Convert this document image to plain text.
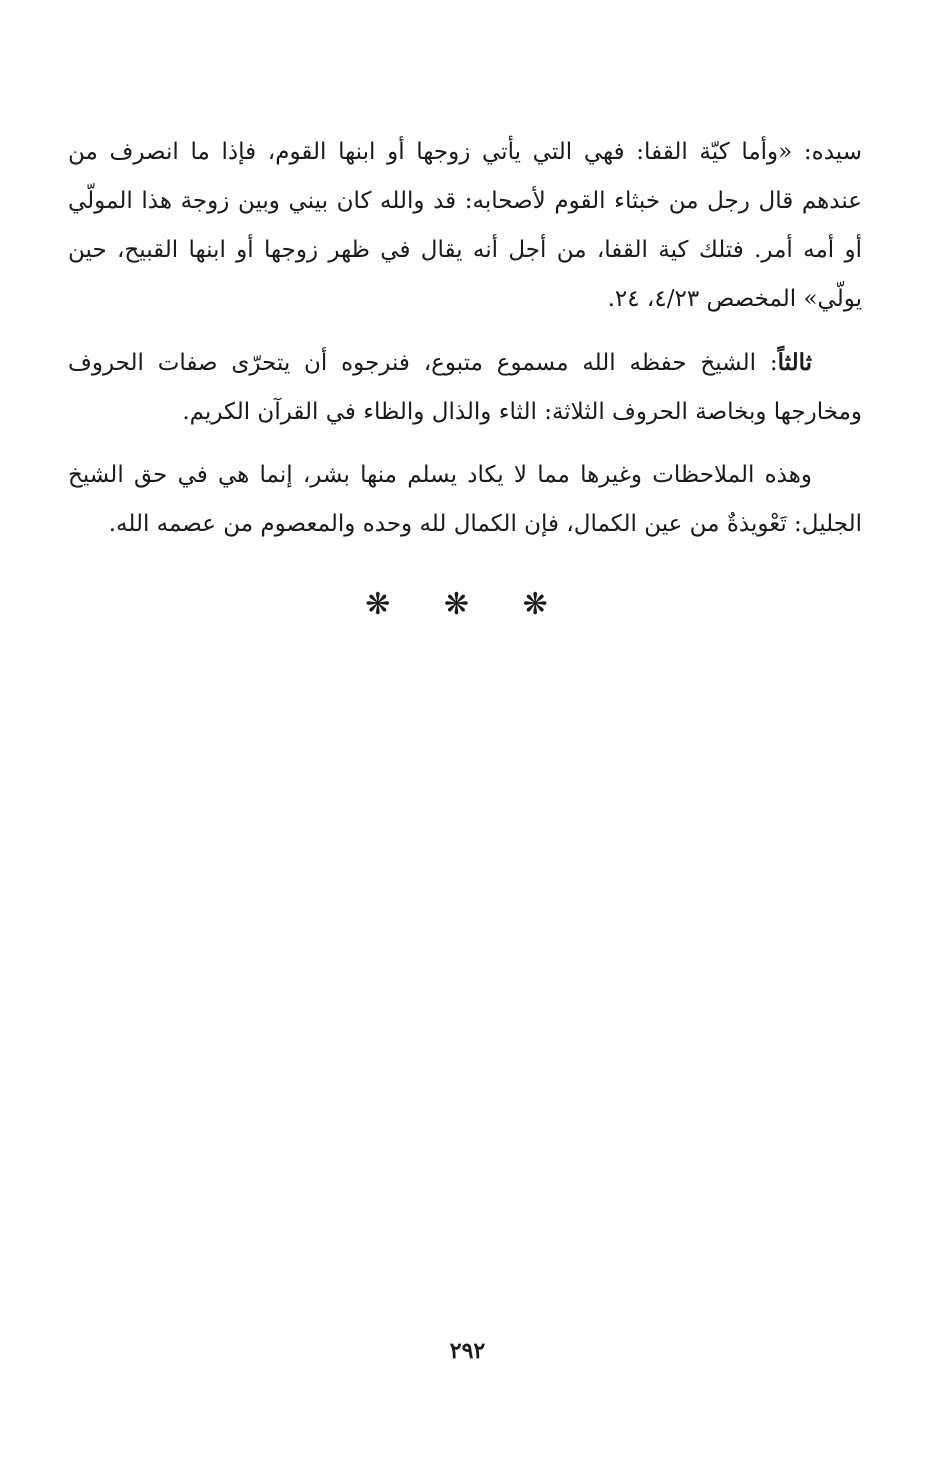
سيده: «وأما كيّة القفا: فهي التي يأتي زوجها أو ابنها القوم، فإذا ما انصرف من عندهم قال رجل من خبثاء القوم لأصحابه: قد والله كان بيني وبين زوجة هذا المولّي أو أمه أمر. فتلك كية القفا، من أجل أنه يقال في ظهر زوجها أو ابنها القبيح، حين يولّي» المخصص ٤/٢٣، ٢٤.

ثالثاً: الشيخ حفظه الله مسموع متبوع، فنرجوه أن يتحرّى صفات الحروف ومخارجها وبخاصة الحروف الثلاثة: الثاء والذال والظاء في القرآن الكريم.

وهذه الملاحظات وغيرها مما لا يكاد يسلم منها بشر، إنما هي في حق الشيخ الجليل: تَعْويذةٌ من عين الكمال، فإن الكمال لله وحده والمعصوم من عصمه الله.

❋ ❋ ❋
٢٩٢
